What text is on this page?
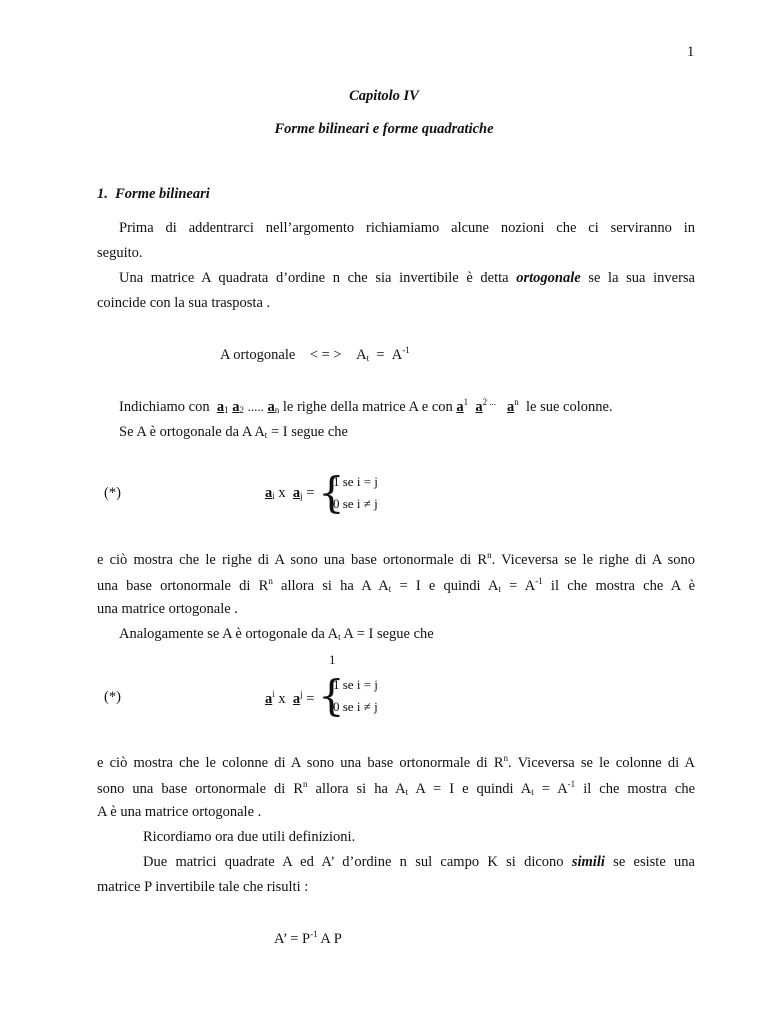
1
Capitolo IV
Forme bilineari e forme quadratiche
1. Forme bilineari
Prima di addentrarci nell’argomento richiamiamo alcune nozioni che ci serviranno in
seguito.
Una matrice A quadrata d’ordine n che sia invertibile è detta ortogonale se la sua inversa
coincide con la sua trasposta .
A ortogonale < = > $A_t = A^{-1}$
Indichiamo con $a_1$ $a_2$ ..... $a_n$ le righe della matrice A e con $a^1$ $a^{2 ...}$ $a^n$ le sue colonne.
Se A è ortogonale da A $A_t = I$ segue che
(*)	$a_i$ x $a_j$ = {
1 se i = j
0 se i ≠ j
e ciò mostra che le righe di A sono una base ortonormale di $R^n$. Viceversa se le righe di A sono
una base ortonormale di $R^n$ allora si ha A $A_t = I$ e quindi $A_t = A^{-1}$ il che mostra che A è
una matrice ortogonale .
Analogamente se A è ortogonale da $A_t$ A = I segue che
1
(*)	$a^i$ x $a^j$ = {
1 se i = j
0 se i ≠ j
e ciò mostra che le colonne di A sono una base ortonormale di $R^n$. Viceversa se le colonne di A
sono una base ortonormale di $R^n$ allora si ha $A_t$ A = I e quindi $A_t = A^{-1}$ il che mostra che
A è una matrice ortogonale .
Ricordiamo ora due utili definizioni.
Due matrici quadrate A ed A’ d’ordine n sul campo K si dicono simili se esiste una
matrice P invertibile tale che risulti :
A’ = $P^{-1}$ A P
